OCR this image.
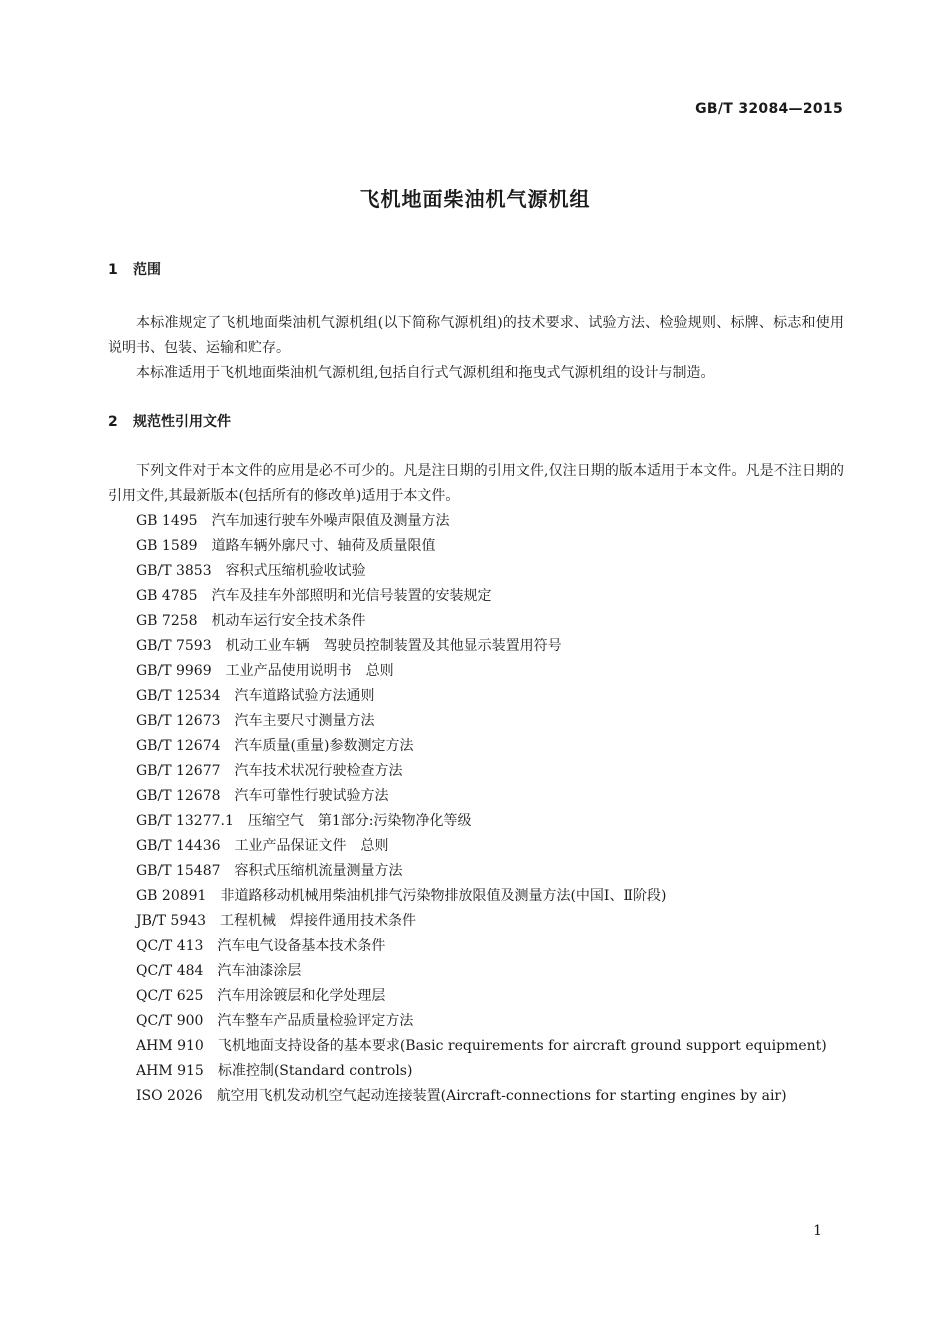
GB/T 32084—2015
飞机地面柴油机气源机组
1 范围

本标准规定了飞机地面柴油机气源机组(以下简称气源机组)的技术要求、试验方法、检验规则、标牌、标志和使用说明书、包装、运输和贮存。

本标准适用于飞机地面柴油机气源机组,包括自行式气源机组和拖曳式气源机组的设计与制造。

2 规范性引用文件

下列文件对于本文件的应用是必不可少的。凡是注日期的引用文件,仅注日期的版本适用于本文件。凡是不注日期的引用文件,其最新版本(包括所有的修改单)适用于本文件。

GB 1495 汽车加速行驶车外噪声限值及测量方法
GB 1589 道路车辆外廓尺寸、轴荷及质量限值
GB/T 3853 容积式压缩机验收试验
GB 4785 汽车及挂车外部照明和光信号装置的安装规定
GB 7258 机动车运行安全技术条件
GB/T 7593 机动工业车辆　驾驶员控制装置及其他显示装置用符号
GB/T 9969 工业产品使用说明书　总则
GB/T 12534 汽车道路试验方法通则
GB/T 12673 汽车主要尺寸测量方法
GB/T 12674 汽车质量(重量)参数测定方法
GB/T 12677 汽车技术状况行驶检查方法
GB/T 12678 汽车可靠性行驶试验方法
GB/T 13277.1 压缩空气　第1部分:污染物净化等级
GB/T 14436 工业产品保证文件　总则
GB/T 15487 容积式压缩机流量测量方法
GB 20891 非道路移动机械用柴油机排气污染物排放限值及测量方法(中国Ⅰ、Ⅱ阶段)
JB/T 5943 工程机械　焊接件通用技术条件
QC/T 413 汽车电气设备基本技术条件
QC/T 484 汽车油漆涂层
QC/T 625 汽车用涂镀层和化学处理层
QC/T 900 汽车整车产品质量检验评定方法
AHM 910 飞机地面支持设备的基本要求(Basic requirements for aircraft ground support equipment)
AHM 915 标准控制(Standard controls)
ISO 2026 航空用飞机发动机空气起动连接装置(Aircraft-connections for starting engines by air)
1
